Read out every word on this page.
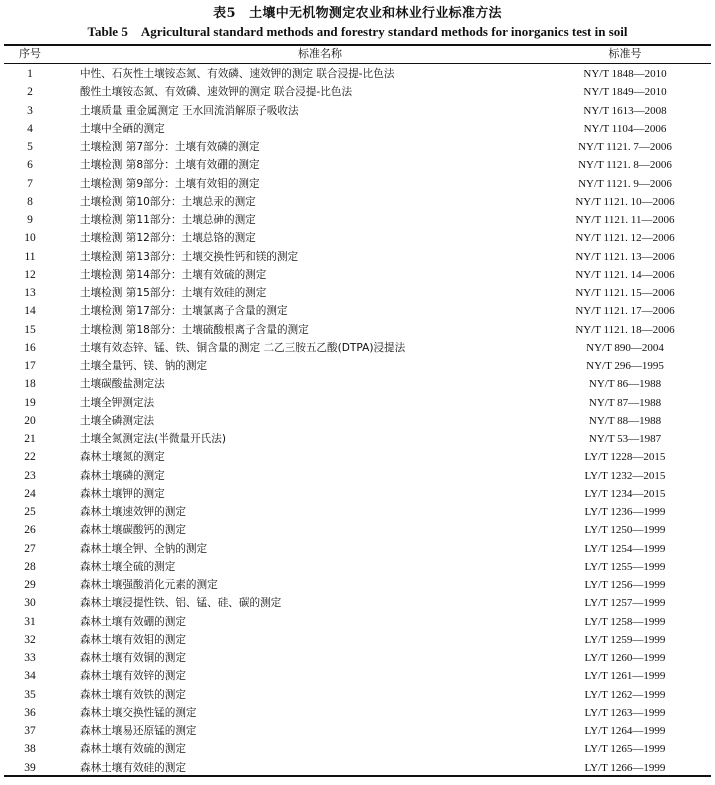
表5　土壤中无机物测定农业和林业行业标准方法
Table 5　Agricultural standard methods and forestry standard methods for inorganics test in soil
序号	标准名称	标准号
1	中性、石灰性土壤铵态氮、有效磷、速效钾的测定 联合浸提-比色法	NY/T 1848—2010
2	酸性土壤铵态氮、有效磷、速效钾的测定 联合浸提-比色法	NY/T 1849—2010
3	土壤质量 重金属测定 王水回流消解原子吸收法	NY/T 1613—2008
4	土壤中全硒的测定	NY/T 1104—2006
5	土壤检测 第7部分：土壤有效磷的测定	NY/T 1121. 7—2006
6	土壤检测 第8部分：土壤有效硼的测定	NY/T 1121. 8—2006
7	土壤检测 第9部分：土壤有效钼的测定	NY/T 1121. 9—2006
8	土壤检测 第10部分：土壤总汞的测定	NY/T 1121. 10—2006
9	土壤检测 第11部分：土壤总砷的测定	NY/T 1121. 11—2006
10	土壤检测 第12部分：土壤总铬的测定	NY/T 1121. 12—2006
11	土壤检测 第13部分：土壤交换性钙和镁的测定	NY/T 1121. 13—2006
12	土壤检测 第14部分：土壤有效硫的测定	NY/T 1121. 14—2006
13	土壤检测 第15部分：土壤有效硅的测定	NY/T 1121. 15—2006
14	土壤检测 第17部分：土壤氯离子含量的测定	NY/T 1121. 17—2006
15	土壤检测 第18部分：土壤硫酸根离子含量的测定	NY/T 1121. 18—2006
16	土壤有效态锌、锰、铁、铜含量的测定 二乙三胺五乙酸(DTPA)浸提法	NY/T 890—2004
17	土壤全量钙、镁、钠的测定	NY/T 296—1995
18	土壤碳酸盐测定法	NY/T 86—1988
19	土壤全钾测定法	NY/T 87—1988
20	土壤全磷测定法	NY/T 88—1988
21	土壤全氮测定法(半微量开氏法)	NY/T 53—1987
22	森林土壤氮的测定	LY/T 1228—2015
23	森林土壤磷的测定	LY/T 1232—2015
24	森林土壤钾的测定	LY/T 1234—2015
25	森林土壤速效钾的测定	LY/T 1236—1999
26	森林土壤碳酸钙的测定	LY/T 1250—1999
27	森林土壤全钾、全钠的测定	LY/T 1254—1999
28	森林土壤全硫的测定	LY/T 1255—1999
29	森林土壤强酸消化元素的测定	LY/T 1256—1999
30	森林土壤浸提性铁、铝、锰、硅、碳的测定	LY/T 1257—1999
31	森林土壤有效硼的测定	LY/T 1258—1999
32	森林土壤有效钼的测定	LY/T 1259—1999
33	森林土壤有效铜的测定	LY/T 1260—1999
34	森林土壤有效锌的测定	LY/T 1261—1999
35	森林土壤有效铁的测定	LY/T 1262—1999
36	森林土壤交换性锰的测定	LY/T 1263—1999
37	森林土壤易还原锰的测定	LY/T 1264—1999
38	森林土壤有效硫的测定	LY/T 1265—1999
39	森林土壤有效硅的测定	LY/T 1266—1999
